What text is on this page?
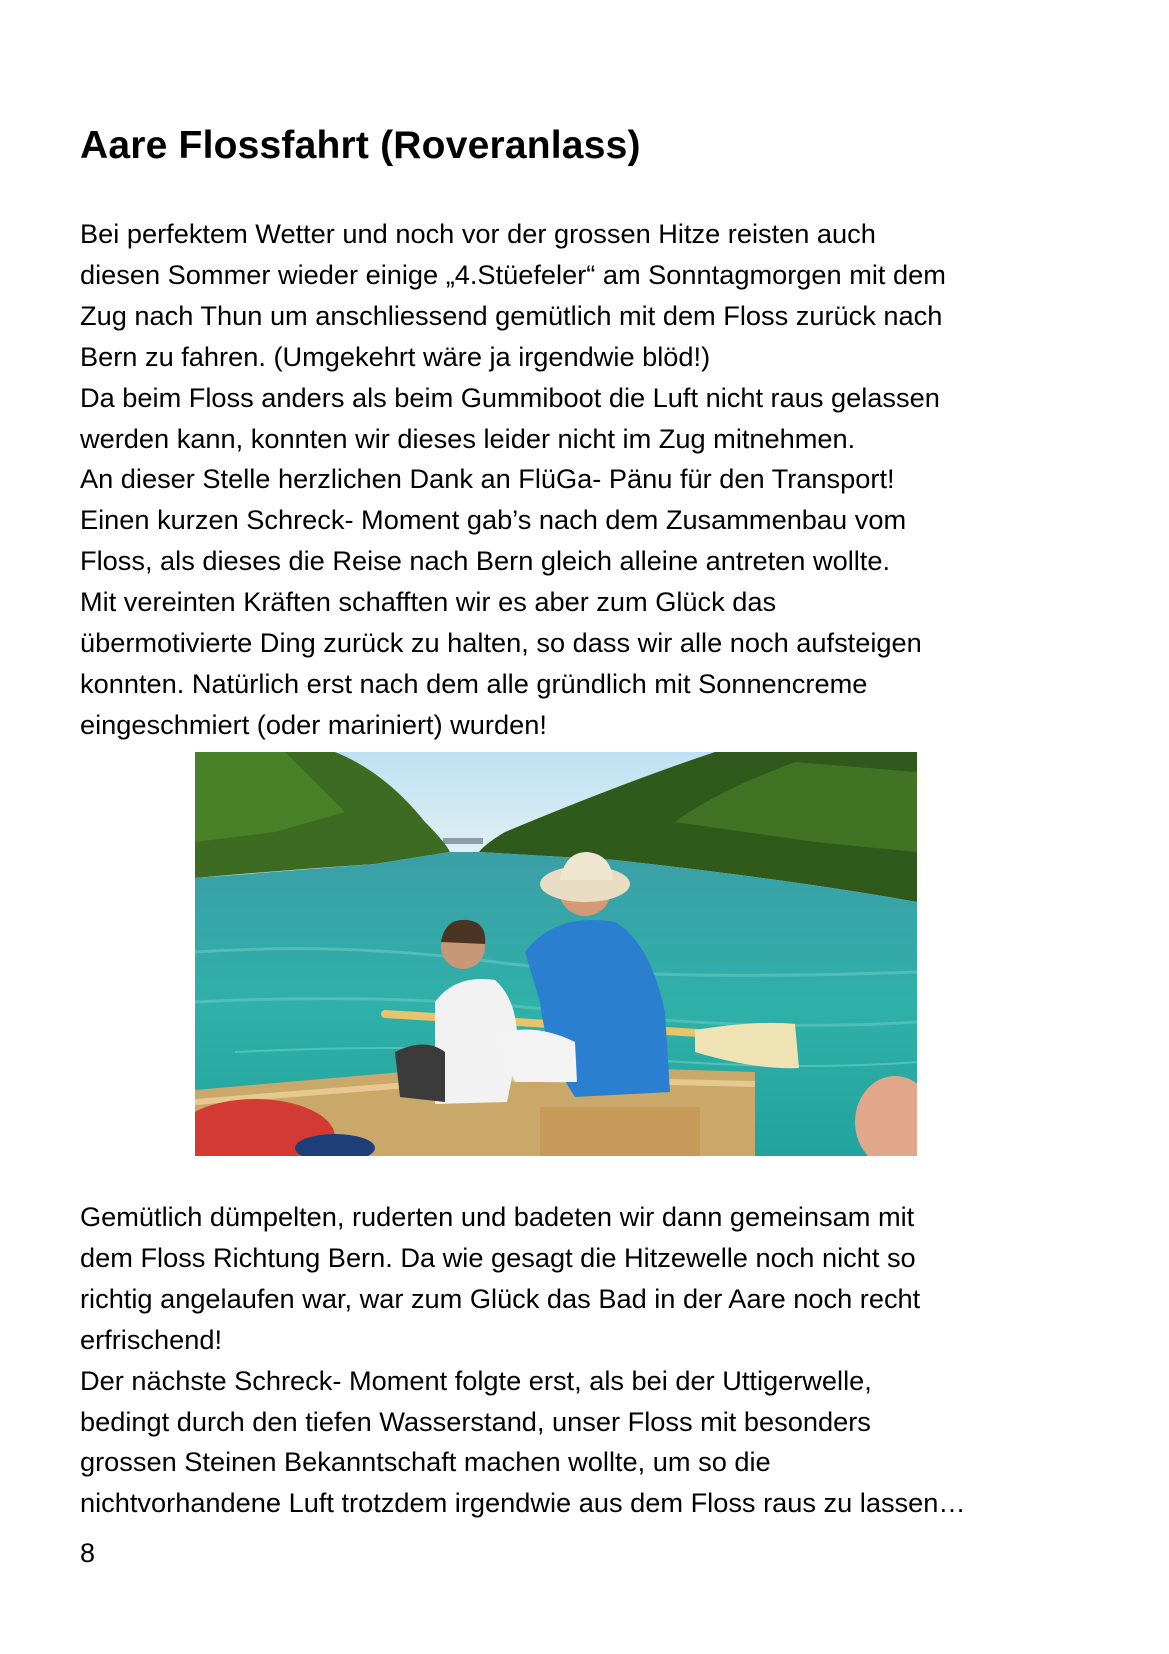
Aare Flossfahrt (Roveranlass)
Bei perfektem Wetter und noch vor der grossen Hitze reisten auch
diesen Sommer wieder einige „4.Stüefeler“ am Sonntagmorgen mit dem
Zug nach Thun um anschliessend gemütlich mit dem Floss zurück nach
Bern zu fahren. (Umgekehrt wäre ja irgendwie blöd!)
Da beim Floss anders als beim Gummiboot die Luft nicht raus gelassen
werden kann, konnten wir dieses leider nicht im Zug mitnehmen.
An dieser Stelle herzlichen Dank an FlüGa- Pänu für den Transport!
Einen kurzen Schreck- Moment gab’s nach dem Zusammenbau vom
Floss, als dieses die Reise nach Bern gleich alleine antreten wollte.
Mit vereinten Kräften schafften wir es aber zum Glück das
übermotivierte Ding zurück zu halten, so dass wir alle noch aufsteigen
konnten. Natürlich erst nach dem alle gründlich mit Sonnencreme
eingeschmiert (oder mariniert) wurden!
Gemütlich dümpelten, ruderten und badeten wir dann gemeinsam mit
dem Floss Richtung Bern. Da wie gesagt die Hitzewelle noch nicht so
richtig angelaufen war, war zum Glück das Bad in der Aare noch recht
erfrischend!
Der nächste Schreck- Moment folgte erst, als bei der Uttigerwelle,
bedingt durch den tiefen Wasserstand, unser Floss mit besonders
grossen Steinen Bekanntschaft machen wollte, um so die
nichtvorhandene Luft trotzdem irgendwie aus dem Floss raus zu lassen…
8
